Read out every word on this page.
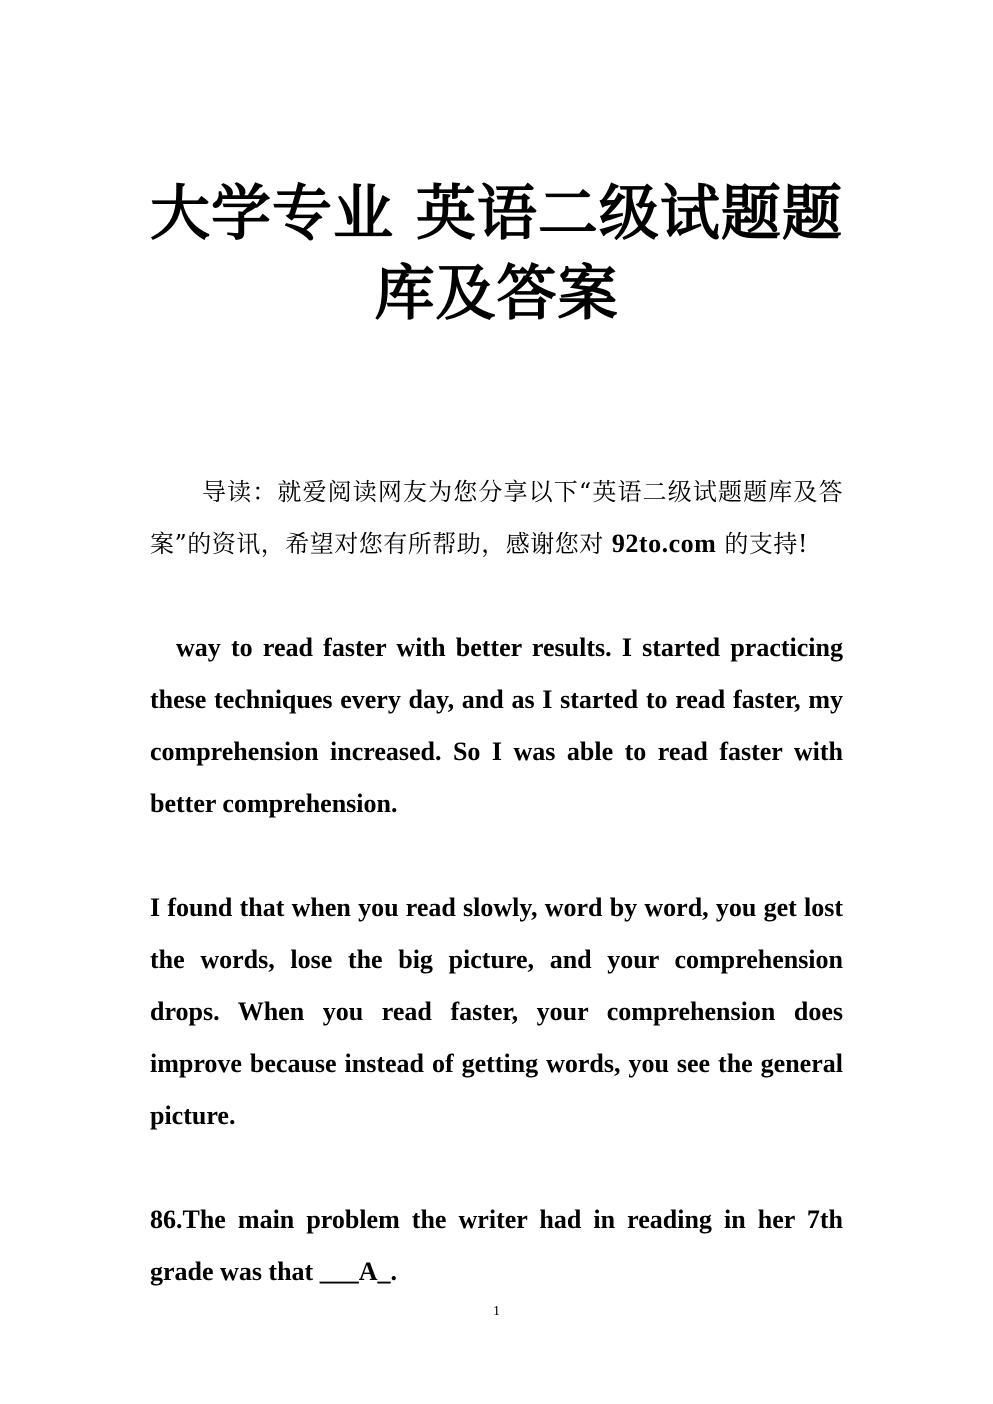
大学专业 英语二级试题题库及答案

导读：就爱阅读网友为您分享以下“英语二级试题题库及答案”的资讯，希望对您有所帮助，感谢您对 92to.com 的支持!

way to read faster with better results. I started practicing these techniques every day, and as I started to read faster, my comprehension increased. So I was able to read faster with better comprehension.

I found that when you read slowly, word by word, you get lost the words, lose the big picture, and your comprehension drops. When you read faster, your comprehension does improve because instead of getting words, you see the general picture.

86.The main problem the writer had in reading in her 7th grade was that ___A_.

1
